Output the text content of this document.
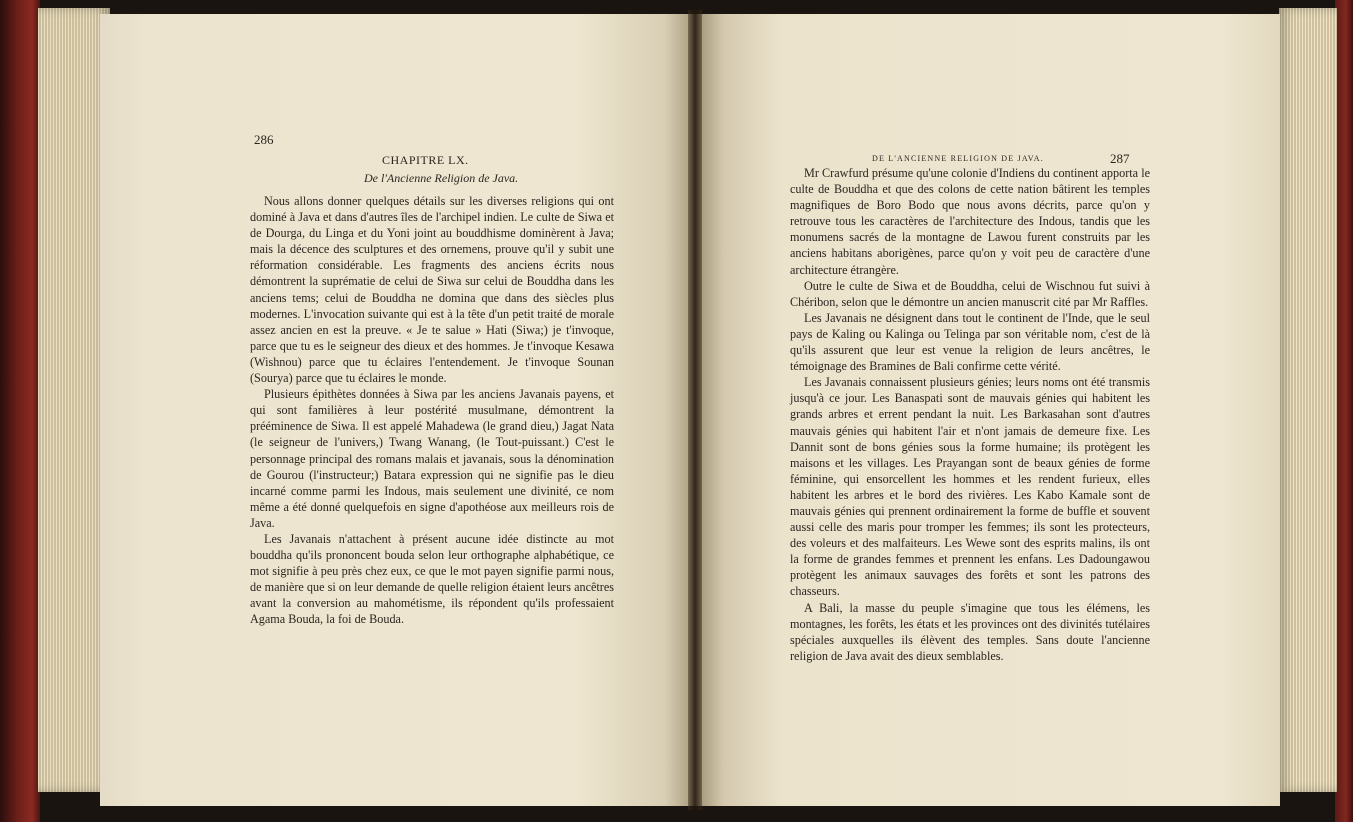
286
CHAPITRE LX.
De l'Ancienne Religion de Java.

Nous allons donner quelques détails sur les diverses religions qui ont dominé à Java et dans d'autres îles de l'archipel indien. Le culte de Siwa et de Dourga, du Linga et du Yoni joint au bouddhisme dominèrent à Java; mais la décence des sculptures et des ornemens, prouve qu'il y subit une réformation considérable. Les fragments des anciens écrits nous démontrent la suprématie de celui de Siwa sur celui de Bouddha dans les anciens tems; celui de Bouddha ne domina que dans des siècles plus modernes. L'invocation suivante qui est à la tête d'un petit traité de morale assez ancien en est la preuve. « Je te salue » Hati (Siwa;) je t'invoque, parce que tu es le seigneur des dieux et des hommes. Je t'invoque Kesawa (Wishnou) parce que tu éclaires l'entendement. Je t'invoque Sounan (Sourya) parce que tu éclaires le monde.

Plusieurs épithètes données à Siwa par les anciens Javanais payens, et qui sont familières à leur postérité musulmane, démontrent la prééminence de Siwa. Il est appelé Mahadewa (le grand dieu,) Jagat Nata (le seigneur de l'univers,) Twang Wanang, (le Tout-puissant.) C'est le personnage principal des romans malais et javanais, sous la dénomination de Gourou (l'instructeur;) Batara expression qui ne signifie pas le dieu incarné comme parmi les Indous, mais seulement une divinité, ce nom même a été donné quelquefois en signe d'apothéose aux meilleurs rois de Java.

Les Javanais n'attachent à présent aucune idée distincte au mot bouddha qu'ils prononcent bouda selon leur orthographe alphabétique, ce mot signifie à peu près chez eux, ce que le mot payen signifie parmi nous, de manière que si on leur demande de quelle religion étaient leurs ancêtres avant la conversion au mahométisme, ils répondent qu'ils professaient Agama Bouda, la foi de Bouda.

DE L'ANCIENNE RELIGION DE JAVA.	287

Mr Crawfurd présume qu'une colonie d'Indiens du continent apporta le culte de Bouddha et que des colons de cette nation bâtirent les temples magnifiques de Boro Bodo que nous avons décrits, parce qu'on y retrouve tous les caractères de l'architecture des Indous, tandis que les monumens sacrés de la montagne de Lawou furent construits par les anciens habitans aborigènes, parce qu'on y voit peu de caractère d'une architecture étrangère.

Outre le culte de Siwa et de Bouddha, celui de Wischnou fut suivi à Chéribon, selon que le démontre un ancien manuscrit cité par Mr Raffles.

Les Javanais ne désignent dans tout le continent de l'Inde, que le seul pays de Kaling ou Kalinga ou Telinga par son véritable nom, c'est de là qu'ils assurent que leur est venue la religion de leurs ancêtres, le témoignage des Bramines de Bali confirme cette vérité.

Les Javanais connaissent plusieurs génies; leurs noms ont été transmis jusqu'à ce jour. Les Banaspati sont de mauvais génies qui habitent les grands arbres et errent pendant la nuit. Les Barkasahan sont d'autres mauvais génies qui habitent l'air et n'ont jamais de demeure fixe. Les Dannit sont de bons génies sous la forme humaine; ils protègent les maisons et les villages. Les Prayangan sont de beaux génies de forme féminine, qui ensorcellent les hommes et les rendent furieux, elles habitent les arbres et le bord des rivières. Les Kabo Kamale sont de mauvais génies qui prennent ordinairement la forme de buffle et souvent aussi celle des maris pour tromper les femmes; ils sont les protecteurs, des voleurs et des malfaiteurs. Les Wewe sont des esprits malins, ils ont la forme de grandes femmes et prennent les enfans. Les Dadoungawou protègent les animaux sauvages des forêts et sont les patrons des chasseurs.

A Bali, la masse du peuple s'imagine que tous les élémens, les montagnes, les forêts, les états et les provinces ont des divinités tutélaires spéciales auxquelles ils élèvent des temples. Sans doute l'ancienne religion de Java avait des dieux semblables.
